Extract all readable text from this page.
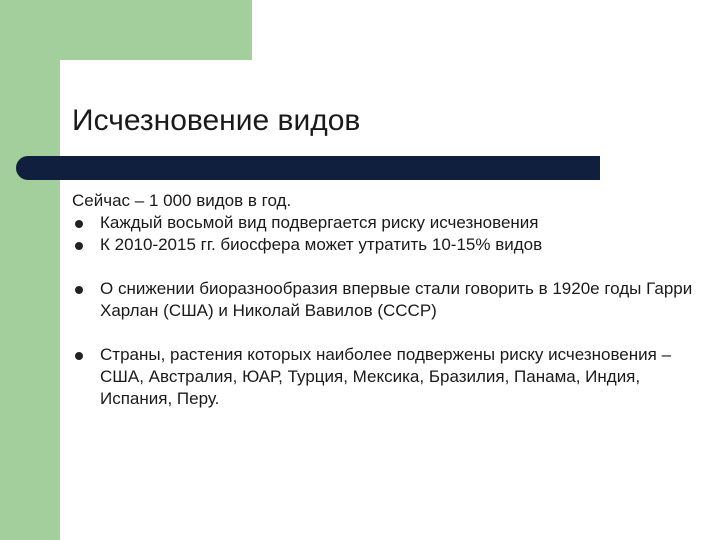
Исчезновение видов

Сейчас – 1 000 видов в год.

Каждый восьмой вид подвергается риску исчезновения

К 2010-2015 гг. биосфера может утратить 10-15% видов

О снижении биоразнообразия впервые стали говорить в 1920е годы Гарри Харлан (США) и Николай Вавилов (СССР)

Страны, растения которых наиболее подвержены риску исчезновения – США, Австралия, ЮАР, Турция, Мексика, Бразилия, Панама, Индия, Испания, Перу.
